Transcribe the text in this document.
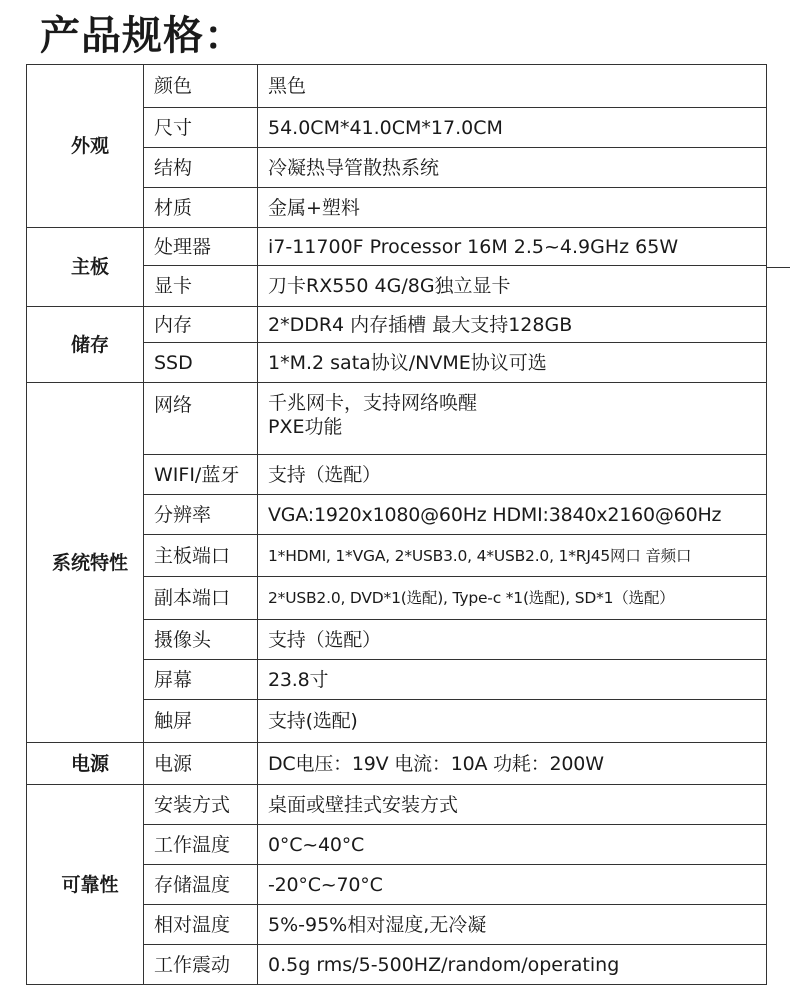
产品规格：
外观	颜色	黑色
	尺寸	54.0CM*41.0CM*17.0CM
	结构	冷凝热导管散热系统
	材质	金属+塑料
主板	处理器	i7-11700F Processor 16M 2.5~4.9GHz 65W
	显卡	刀卡RX550 4G/8G独立显卡
储存	内存	2*DDR4 内存插槽 最大支持128GB
	SSD	1*M.2 sata协议/NVME协议可选
系统特性	网络	千兆网卡，支持网络唤醒
PXE功能

	WIFI/蓝牙	支持（选配）
	分辨率	VGA:1920x1080@60Hz HDMI:3840x2160@60Hz
	主板端口	1*HDMI, 1*VGA, 2*USB3.0, 4*USB2.0, 1*RJ45网口 音频口
	副本端口	2*USB2.0, DVD*1(选配), Type-c *1(选配), SD*1（选配）
	摄像头	支持（选配）
	屏幕	23.8寸
	触屏	支持(选配)
电源	电源	DC电压：19V 电流：10A 功耗：200W
可靠性	安装方式	桌面或壁挂式安装方式
	工作温度	0°C~40°C
	存储温度	-20°C~70°C
	相对温度	5%-95%相对湿度,无冷凝
	工作震动	0.5g rms/5-500HZ/random/operating
